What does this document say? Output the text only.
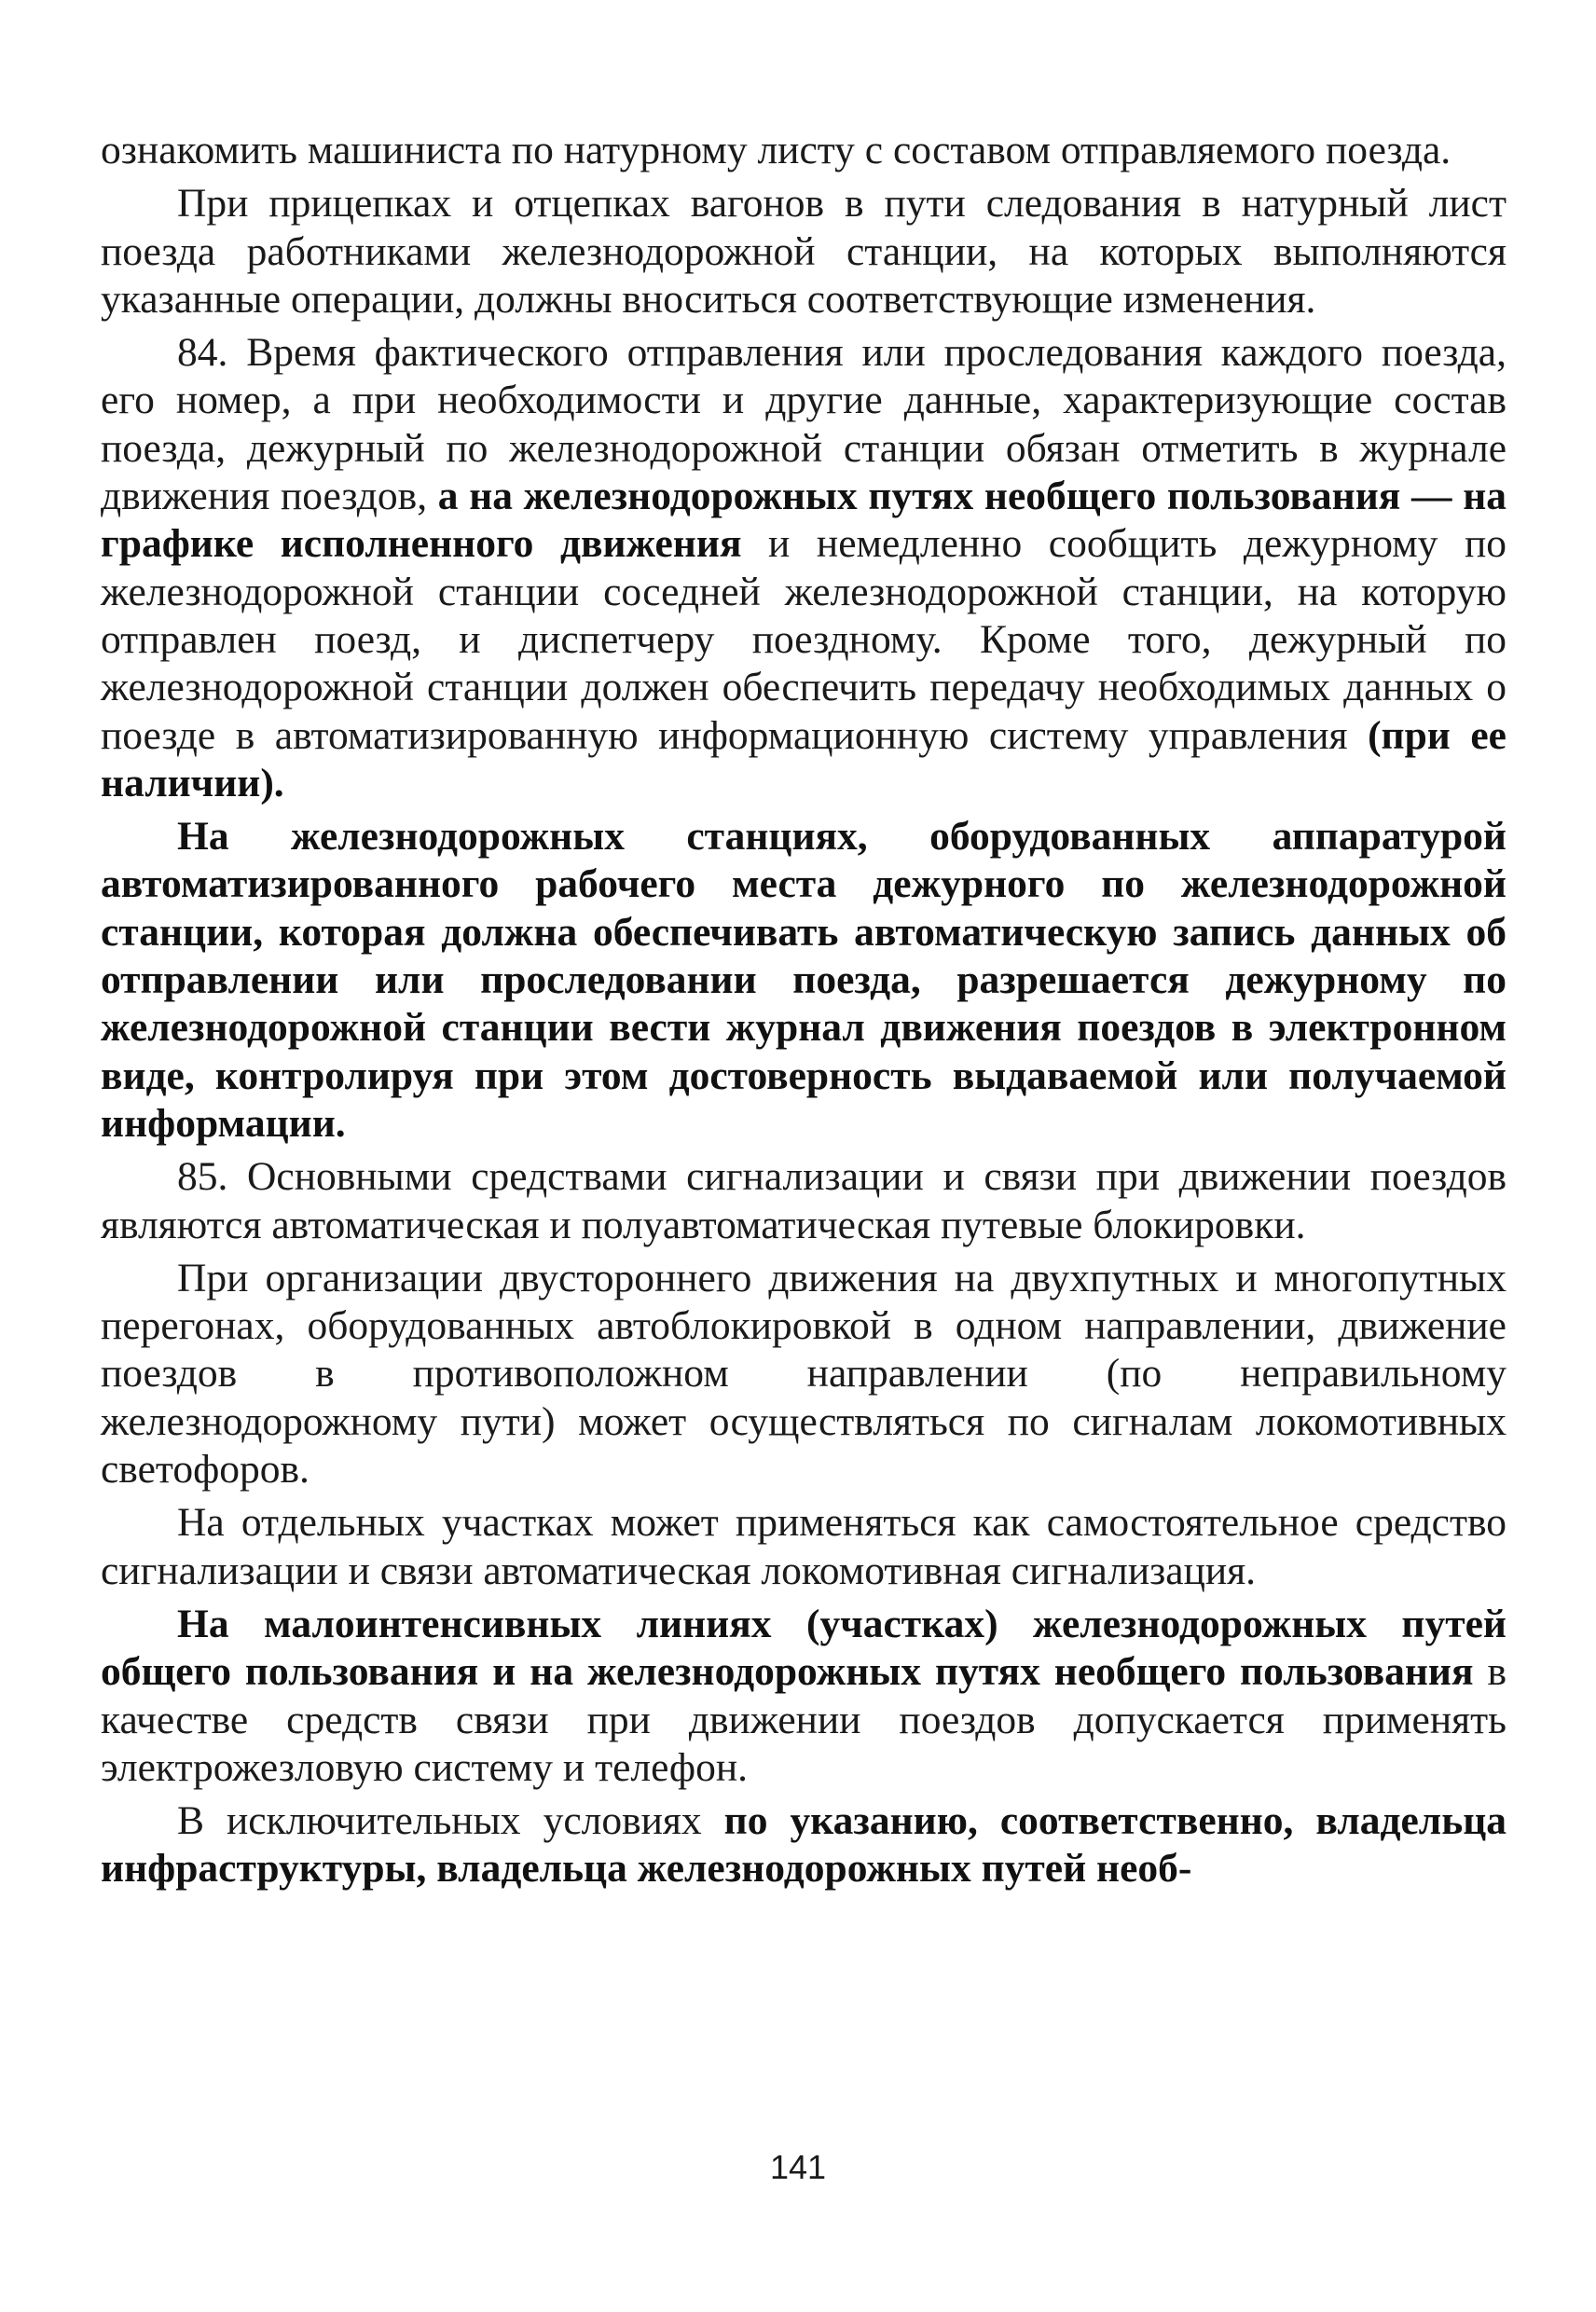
ознакомить машиниста по натурному листу с составом отправляемого поезда.

При прицепках и отцепках вагонов в пути следования в натурный лист поезда работниками железнодорожной станции, на которых выполняются указанные операции, должны вноситься соответствующие изменения.

84. Время фактического отправления или проследования каждого поезда, его номер, а при необходимости и другие данные, характеризующие состав поезда, дежурный по железнодорожной станции обязан отметить в журнале движения поездов, а на железнодорожных путях необщего пользования — на графике исполненного движения и немедленно сообщить дежурному по железнодорожной станции соседней железнодорожной станции, на которую отправлен поезд, и диспетчеру поездному. Кроме того, дежурный по железнодорожной станции должен обеспечить передачу необходимых данных о поезде в автоматизированную информационную систему управления (при ее наличии).

На железнодорожных станциях, оборудованных аппаратурой автоматизированного рабочего места дежурного по железнодорожной станции, которая должна обеспечивать автоматическую запись данных об отправлении или проследовании поезда, разрешается дежурному по железнодорожной станции вести журнал движения поездов в электронном виде, контролируя при этом достоверность выдаваемой или получаемой информации.

85. Основными средствами сигнализации и связи при движении поездов являются автоматическая и полуавтоматическая путевые блокировки.

При организации двустороннего движения на двухпутных и многопутных перегонах, оборудованных автоблокировкой в одном направлении, движение поездов в противоположном направлении (по неправильному железнодорожному пути) может осуществляться по сигналам локомотивных светофоров.

На отдельных участках может применяться как самостоятельное средство сигнализации и связи автоматическая локомотивная сигнализация.

На малоинтенсивных линиях (участках) железнодорожных путей общего пользования и на железнодорожных путях необщего пользования в качестве средств связи при движении поездов допускается применять электрожезловую систему и телефон.

В исключительных условиях по указанию, соответственно, владельца инфраструктуры, владельца железнодорожных путей необ-

141
